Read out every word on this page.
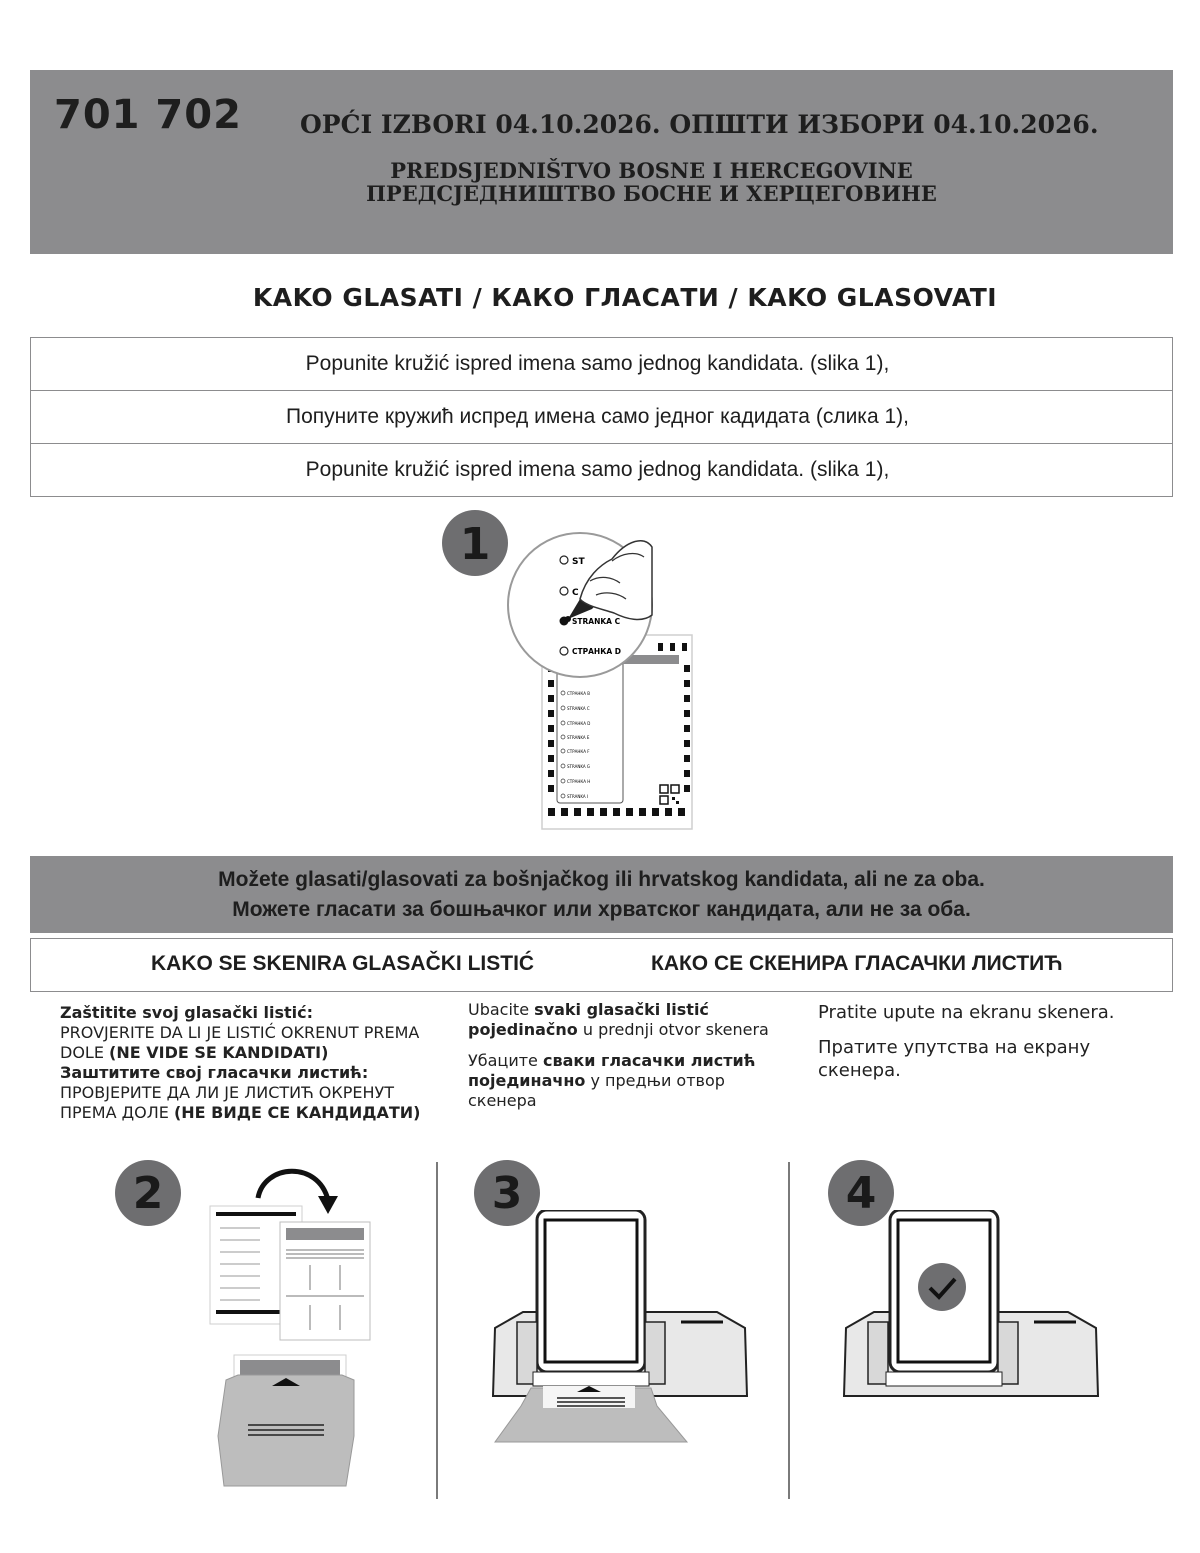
701 702 OPĆI IZBORI 04.10.2026. ОПШТИ ИЗБОРИ 04.10.2026.
PREDSJEDNIŠTVO BOSNE I HERCEGOVINE
ПРЕДСЈЕДНИШТВО БОСНЕ И ХЕРЦЕГОВИНЕ
KAKO GLASATI / КАКО ГЛАСАТИ / KAKO GLASOVATI
Popunite kružić ispred imena samo jednog kandidata. (slika 1),
Попуните кружић испред имена само једног кадидата (слика 1),
Popunite kružić ispred imena samo jednog kandidata. (slika 1),
СТРАНКА B
STRANKA C
СТРАНКА D
STRANKA E
СТРАНКА F
STRANKA G
СТРАНКА H
STRANKA I
ST
C
STRANKA C
СТРАНКА D
1
Možete glasati/glasovati za bošnjačkog ili hrvatskog kandidata, ali ne za oba.
Можете гласати за бошњачког или хрватског кандидата, али не за оба.
KAKO SE SKENIRA GLASAČKI LISTIĆ	КАКО СЕ СКЕНИРА ГЛАСАЧКИ ЛИСТИЋ
Zaštitite svoj glasački listić:
PROVJERITE DA LI JE LISTIĆ OKRENUT PREMA DOLE (NE VIDE SE KANDIDATI)
Заштитите свој гласачки листић:
ПРОВЈЕРИТЕ ДА ЛИ ЈЕ ЛИСТИЋ ОКРЕНУТ ПРЕМА ДОЛЕ (НЕ ВИДЕ СЕ КАНДИДАТИ)

Ubacite svaki glasački listić pojedinačno u prednji otvor skenera

Убаците сваки гласачки листић појединачно у предњи отвор скенера

Pratite upute na ekranu skenera.

Пратите упутства на екрану скенера.

2	3	4
